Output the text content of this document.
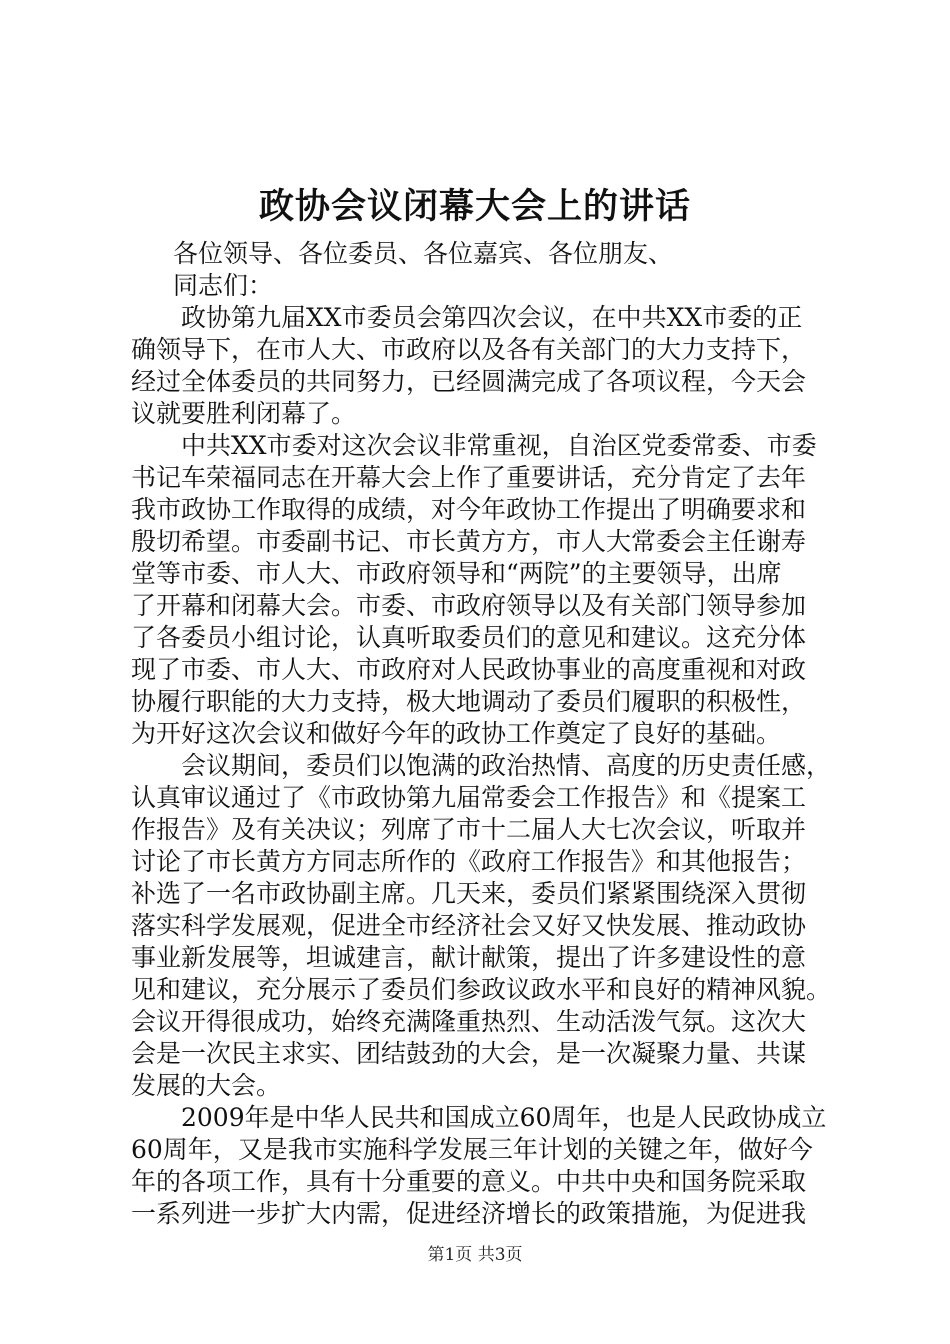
政协会议闭幕大会上的讲话
各位领导、各位委员、各位嘉宾、各位朋友、
同志们：
政协第九届XX市委员会第四次会议，在中共XX市委的正
确领导下，在市人大、市政府以及各有关部门的大力支持下，
经过全体委员的共同努力，已经圆满完成了各项议程，今天会
议就要胜利闭幕了。
中共XX市委对这次会议非常重视，自治区党委常委、市委
书记车荣福同志在开幕大会上作了重要讲话，充分肯定了去年
我市政协工作取得的成绩，对今年政协工作提出了明确要求和
殷切希望。市委副书记、市长黄方方，市人大常委会主任谢寿
堂等市委、市人大、市政府领导和“两院”的主要领导，出席
了开幕和闭幕大会。市委、市政府领导以及有关部门领导参加
了各委员小组讨论，认真听取委员们的意见和建议。这充分体
现了市委、市人大、市政府对人民政协事业的高度重视和对政
协履行职能的大力支持，极大地调动了委员们履职的积极性，
为开好这次会议和做好今年的政协工作奠定了良好的基础。
会议期间，委员们以饱满的政治热情、高度的历史责任感，
认真审议通过了《市政协第九届常委会工作报告》和《提案工
作报告》及有关决议；列席了市十二届人大七次会议，听取并
讨论了市长黄方方同志所作的《政府工作报告》和其他报告；
补选了一名市政协副主席。几天来，委员们紧紧围绕深入贯彻
落实科学发展观，促进全市经济社会又好又快发展、推动政协
事业新发展等，坦诚建言，献计献策，提出了许多建设性的意
见和建议，充分展示了委员们参政议政水平和良好的精神风貌。
会议开得很成功，始终充满隆重热烈、生动活泼气氛。这次大
会是一次民主求实、团结鼓劲的大会，是一次凝聚力量、共谋
发展的大会。
2009年是中华人民共和国成立60周年，也是人民政协成立
60周年，又是我市实施科学发展三年计划的关键之年，做好今
年的各项工作，具有十分重要的意义。中共中央和国务院采取
一系列进一步扩大内需，促进经济增长的政策措施，为促进我
第1页 共3页
